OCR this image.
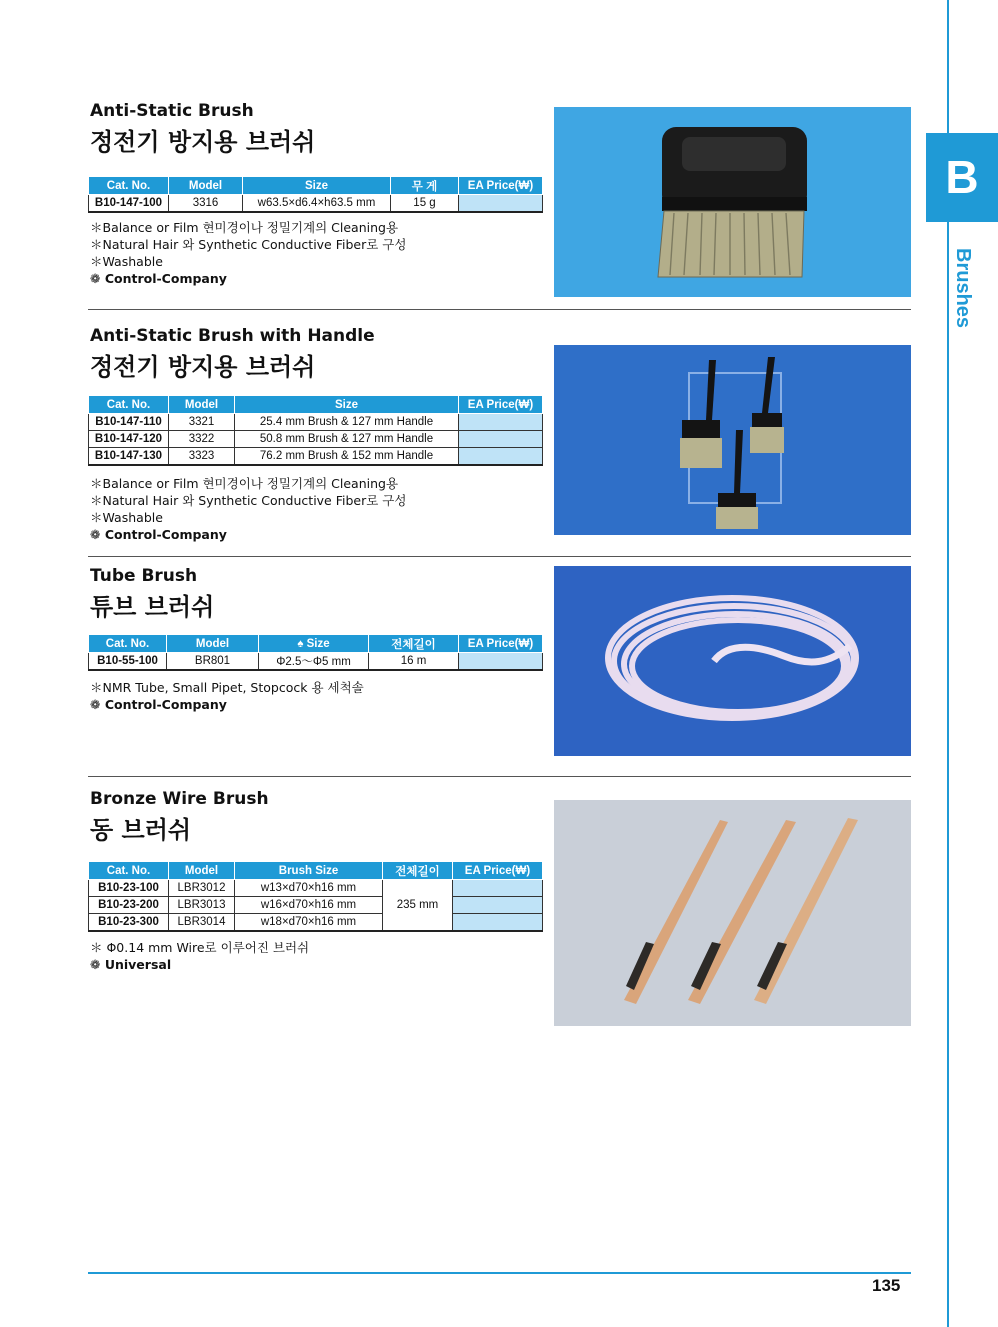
B
Brushes
Anti-Static Brush
정전기 방지용 브러쉬
Cat. No.	Model	Size	무 게	EA Price(₩)
B10-147-100	3316	w63.5×d6.4×h63.5 mm	15 g	
＊Balance or Film 현미경이나 정밀기계의 Cleaning용
＊Natural Hair 와 Synthetic Conductive Fiber로 구성
＊Washable
❁ Control-Company
Anti-Static Brush with Handle
정전기 방지용 브러쉬
Cat. No.	Model	Size	EA Price(₩)
B10-147-110	3321	25.4 mm Brush & 127 mm Handle	
B10-147-120	3322	50.8 mm Brush & 127 mm Handle	
B10-147-130	3323	76.2 mm Brush & 152 mm Handle	
＊Balance or Film 현미경이나 정밀기계의 Cleaning용
＊Natural Hair 와 Synthetic Conductive Fiber로 구성
＊Washable
❁ Control-Company
Tube Brush
튜브 브러쉬
Cat. No.	Model	♠ Size	전체길이	EA Price(₩)
B10-55-100	BR801	Φ2.5～Φ5 mm	16 m	
＊NMR Tube, Small Pipet, Stopcock 용 세척솔
❁ Control-Company
Bronze Wire Brush
동 브러쉬
Cat. No.	Model	Brush Size	전체길이	EA Price(₩)
B10-23-100	LBR3012	w13×d70×h16 mm	235 mm	
B10-23-200	LBR3013	w16×d70×h16 mm		
B10-23-300	LBR3014	w18×d70×h16 mm		
＊ Φ0.14 mm Wire로 이루어진 브러쉬
❁ Universal
135
